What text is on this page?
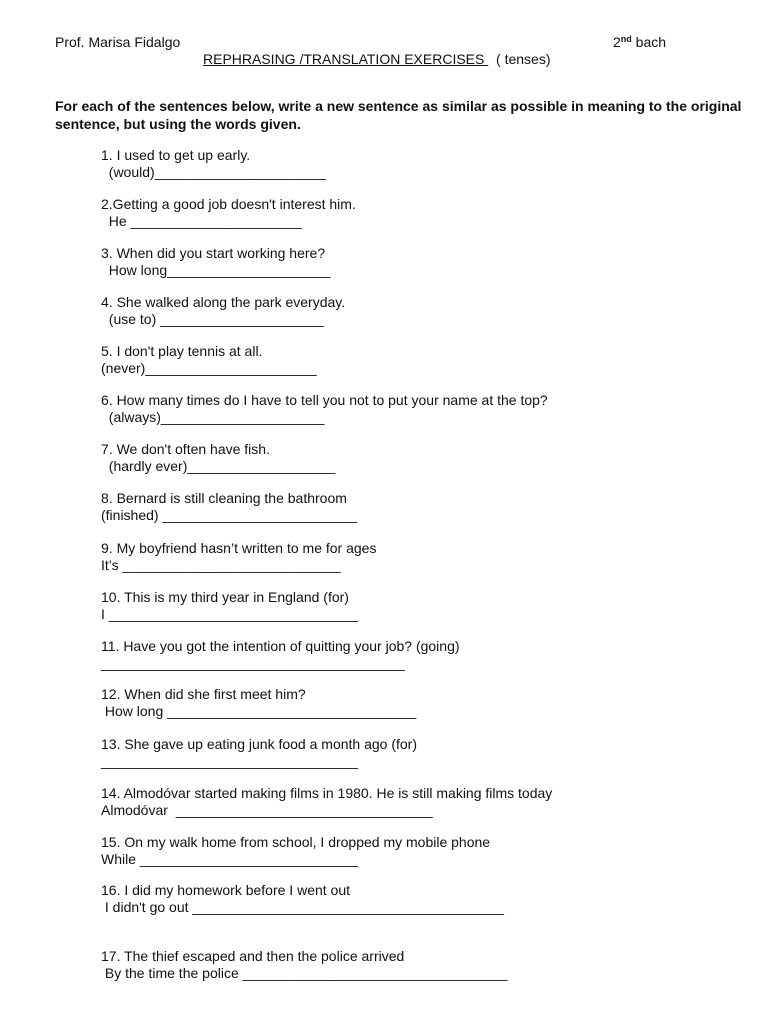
Prof. Marisa Fidalgo	2nd bach
REPHRASING /TRANSLATION EXERCISES   ( tenses)
For each of the sentences below, write a new sentence as similar as possible in meaning to the original sentence, but using the words given.
1. I used to get up early.
(would)______________________
2.Getting a good job doesn't interest him.
He ______________________
3. When did you start working here?
How long_____________________
4. She walked along the park everyday.
(use to) _____________________
5. I don't play tennis at all.
(never)______________________
6. How many times do I have to tell you not to put your name at the top?
(always)_____________________
7. We don't often have fish.
(hardly ever)___________________
8. Bernard is still cleaning the bathroom
(finished) _________________________
9. My boyfriend hasn’t written to me for ages
It’s ____________________________
10. This is my third year in England (for)
I ________________________________
11. Have you got the intention of quitting your job? (going)
_______________________________________
12. When did she first meet him?
How long ________________________________
13. She gave up eating junk food a month ago (for)
_________________________________
14. Almodóvar started making films in 1980. He is still making films today
Almodóvar  _________________________________
15. On my walk home from school, I dropped my mobile phone
While ____________________________
16. I did my homework before I went out
I didn't go out ________________________________________
17. The thief escaped and then the police arrived
By the time the police __________________________________
